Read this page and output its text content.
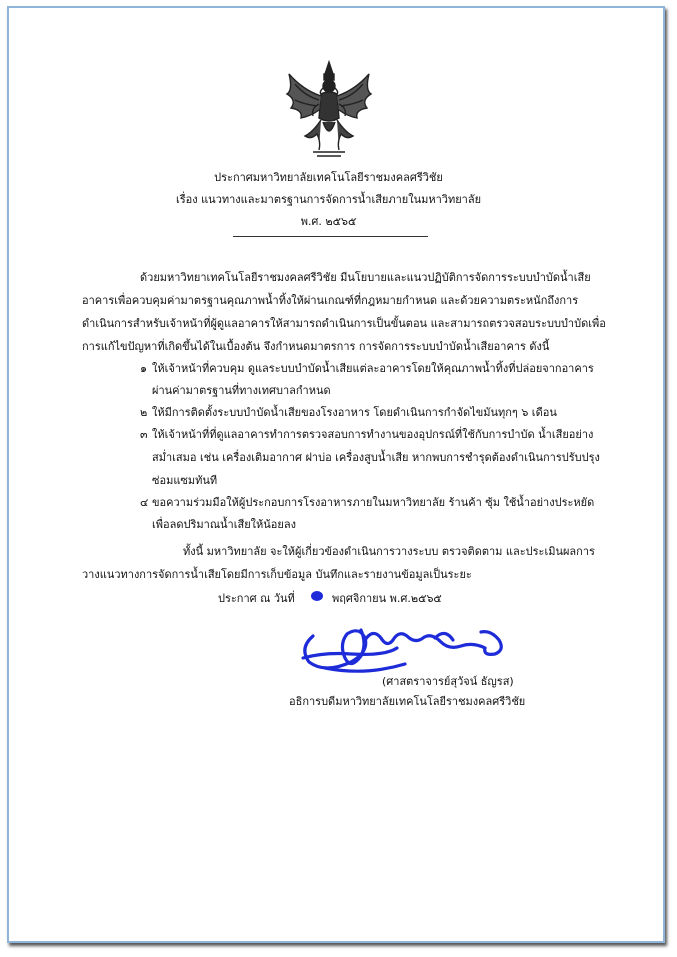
ประกาศมหาวิทยาลัยเทคโนโลยีราชมงคลศรีวิชัย
เรื่อง แนวทางและมาตรฐานการจัดการน้ำเสียภายในมหาวิทยาลัย
พ.ศ. ๒๕๖๕
ด้วยมหาวิทยาเทคโนโลยีราชมงคลศรีวิชัย มีนโยบายและแนวปฏิบัติการจัดการระบบบำบัดน้ำเสีย
อาคารเพื่อควบคุมค่ามาตรฐานคุณภาพน้ำทิ้งให้ผ่านเกณฑ์ที่กฎหมายกำหนด และด้วยความตระหนักถึงการ
ดำเนินการสำหรับเจ้าหน้าที่ผู้ดูแลอาคารให้สามารถดำเนินการเป็นขั้นตอน และสามารถตรวจสอบระบบบำบัดเพื่อ
การแก้ไขปัญหาที่เกิดขึ้นได้ในเบื้องต้น จึงกำหนดมาตรการ การจัดการระบบบำบัดน้ำเสียอาคาร ดังนี้
๑ ให้เจ้าหน้าที่ควบคุม ดูแลระบบบำบัดน้ำเสียแต่ละอาคารโดยให้คุณภาพน้ำทิ้งที่ปล่อยจากอาคาร
ผ่านค่ามาตรฐานที่ทางเทศบาลกำหนด
๒ ให้มีการติดตั้งระบบบำบัดน้ำเสียของโรงอาหาร โดยดำเนินการกำจัดไขมันทุกๆ ๖ เดือน
๓ ให้เจ้าหน้าที่ที่ดูแลอาคารทำการตรวจสอบการทำงานของอุปกรณ์ที่ใช้กับการบำบัด น้ำเสียอย่าง
สม่ำเสมอ เช่น เครื่องเติมอากาศ ฝาบ่อ เครื่องสูบน้ำเสีย หากพบการชำรุดต้องดำเนินการปรับปรุง
ซ่อมแซมทันที
๔ ขอความร่วมมือให้ผู้ประกอบการโรงอาหารภายในมหาวิทยาลัย ร้านค้า ซุ้ม ใช้น้ำอย่างประหยัด
เพื่อลดปริมาณน้ำเสียให้น้อยลง
ทั้งนี้ มหาวิทยาลัย จะให้ผู้เกี่ยวข้องดำเนินการวางระบบ ตรวจติดตาม และประเมินผลการ
วางแนวทางการจัดการน้ำเสียโดยมีการเก็บข้อมูล บันทึกและรายงานข้อมูลเป็นระยะ
ประกาศ ณ วันที่	พฤศจิกายน พ.ศ.๒๕๖๕
(ศาสตราจารย์สุวัจน์ ธัญรส)
อธิการบดีมหาวิทยาลัยเทคโนโลยีราชมงคลศรีวิชัย
